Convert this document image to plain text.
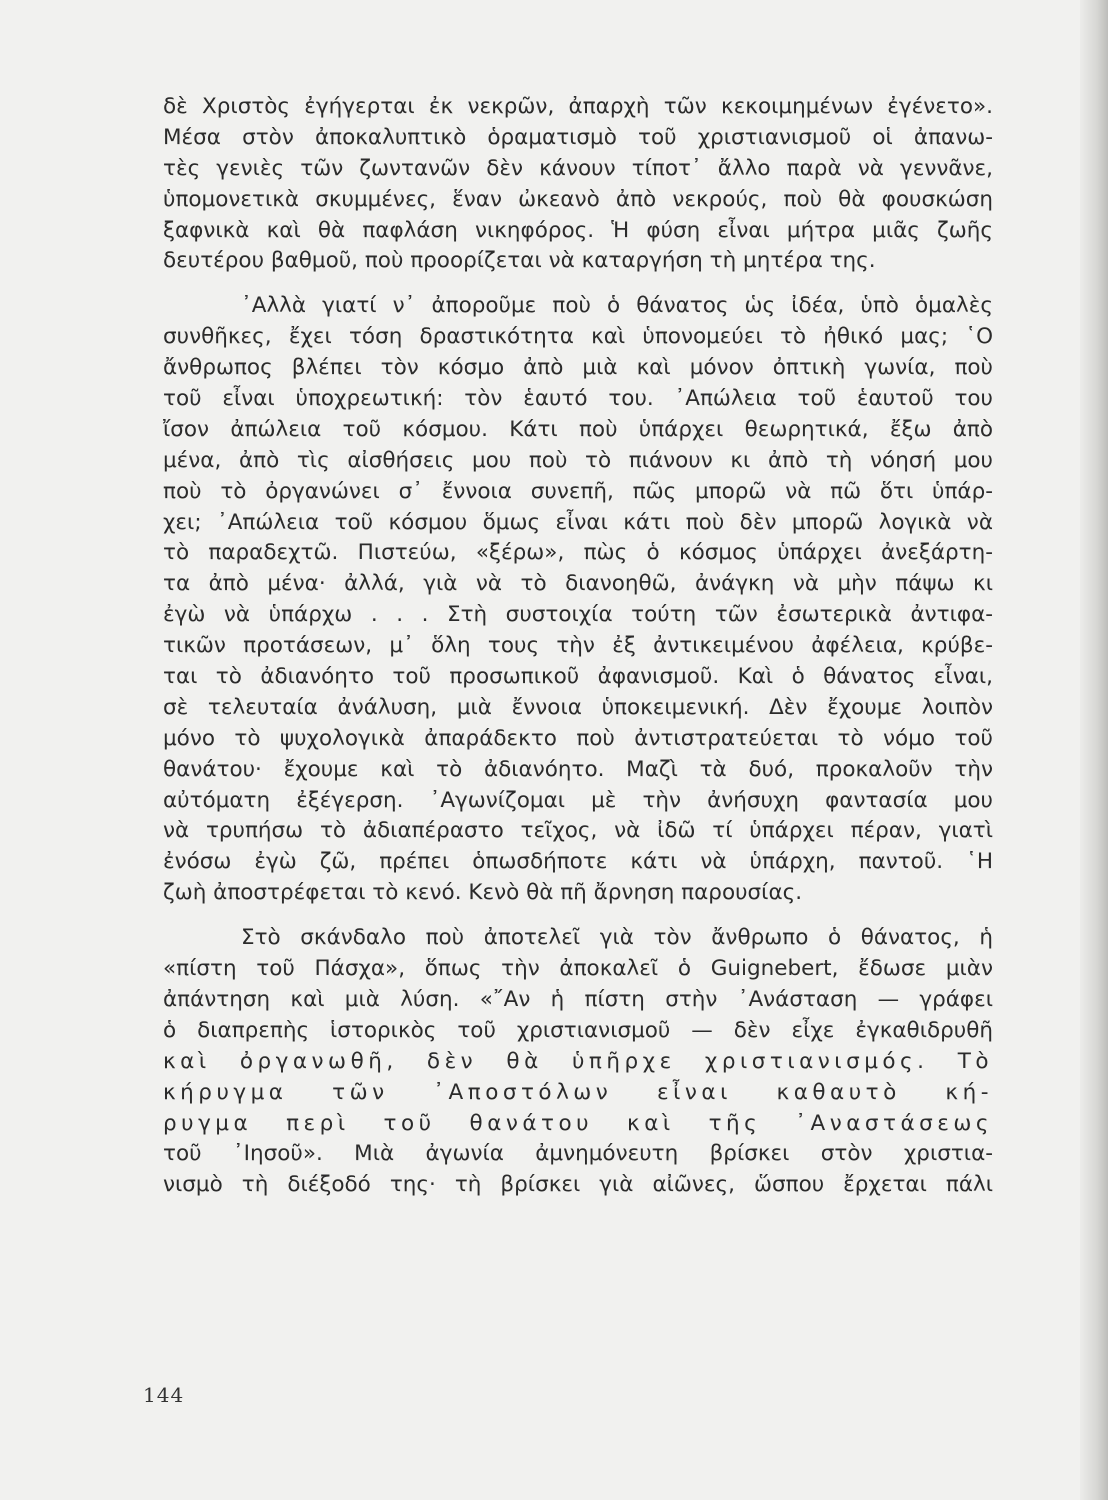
δὲ Χριστὸς ἐγήγερται ἐκ νεκρῶν, ἀπαρχὴ τῶν κεκοιμημένων ἐγένετο».
Μέσα στὸν ἀποκαλυπτικὸ ὁραματισμὸ τοῦ χριστιανισμοῦ οἱ ἀπανω-
τὲς γενιὲς τῶν ζωντανῶν δὲν κάνουν τίποτ᾿ ἄλλο παρὰ νὰ γεννᾶνε,
ὑπομονετικὰ σκυμμένες, ἕναν ὠκεανὸ ἀπὸ νεκρούς, ποὺ θὰ φουσκώση
ξαφνικὰ καὶ θὰ παφλάση νικηφόρος. Ἡ φύση εἶναι μήτρα μιᾶς ζωῆς
δευτέρου βαθμοῦ, ποὺ προορίζεται νὰ καταργήση τὴ μητέρα της.
᾿Αλλὰ γιατί ν᾿ ἀποροῦμε ποὺ ὁ θάνατος ὡς ἰδέα, ὑπὸ ὁμαλὲς
συνθῆκες, ἔχει τόση δραστικότητα καὶ ὑπονομεύει τὸ ἠθικό μας; ῾Ο
ἄνθρωπος βλέπει τὸν κόσμο ἀπὸ μιὰ καὶ μόνον ὀπτικὴ γωνία, ποὺ
τοῦ εἶναι ὑποχρεωτική: τὸν ἑαυτό του. ᾿Απώλεια τοῦ ἑαυτοῦ του
ἴσον ἀπώλεια τοῦ κόσμου. Κάτι ποὺ ὑπάρχει θεωρητικά, ἔξω ἀπὸ
μένα, ἀπὸ τὶς αἰσθήσεις μου ποὺ τὸ πιάνουν κι ἀπὸ τὴ νόησή μου
ποὺ τὸ ὀργανώνει σ᾿ ἔννοια συνεπῆ, πῶς μπορῶ νὰ πῶ ὅτι ὑπάρ-
χει; ᾿Απώλεια τοῦ κόσμου ὅμως εἶναι κάτι ποὺ δὲν μπορῶ λογικὰ νὰ
τὸ παραδεχτῶ. Πιστεύω, «ξέρω», πὼς ὁ κόσμος ὑπάρχει ἀνεξάρτη-
τα ἀπὸ μένα· ἀλλά, γιὰ νὰ τὸ διανοηθῶ, ἀνάγκη νὰ μὴν πάψω κι
ἐγὼ νὰ ὑπάρχω . . . Στὴ συστοιχία τούτη τῶν ἐσωτερικὰ ἀντιφα-
τικῶν προτάσεων, μ᾿ ὅλη τους τὴν ἐξ ἀντικειμένου ἀφέλεια, κρύβε-
ται τὸ ἀδιανόητο τοῦ προσωπικοῦ ἀφανισμοῦ. Καὶ ὁ θάνατος εἶναι,
σὲ τελευταία ἀνάλυση, μιὰ ἔννοια ὑποκειμενική. Δὲν ἔχουμε λοιπὸν
μόνο τὸ ψυχολογικὰ ἀπαράδεκτο ποὺ ἀντιστρατεύεται τὸ νόμο τοῦ
θανάτου· ἔχουμε καὶ τὸ ἀδιανόητο. Μαζὶ τὰ δυό, προκαλοῦν τὴν
αὐτόματη ἐξέγερση. ᾿Αγωνίζομαι μὲ τὴν ἀνήσυχη φαντασία μου
νὰ τρυπήσω τὸ ἀδιαπέραστο τεῖχος, νὰ ἰδῶ τί ὑπάρχει πέραν, γιατὶ
ἐνόσω ἐγὼ ζῶ, πρέπει ὁπωσδήποτε κάτι νὰ ὑπάρχη, παντοῦ. ῾Η
ζωὴ ἀποστρέφεται τὸ κενό. Κενὸ θὰ πῆ ἄρνηση παρουσίας.
Στὸ σκάνδαλο ποὺ ἀποτελεῖ γιὰ τὸν ἄνθρωπο ὁ θάνατος, ἡ
«πίστη τοῦ Πάσχα», ὅπως τὴν ἀποκαλεῖ ὁ Guignebert, ἔδωσε μιὰν
ἀπάντηση καὶ μιὰ λύση. «῎Αν ἡ πίστη στὴν ᾿Ανάσταση — γράφει
ὁ διαπρεπὴς ἱστορικὸς τοῦ χριστιανισμοῦ — δὲν εἶχε ἐγκαθιδρυθῆ
καὶ ὀργανωθῆ, δὲν θὰ ὑπῆρχε χριστιανισμός. Τὸ
κήρυγμα τῶν ᾿Αποστόλων εἶναι καθαυτὸ κή-
ρυγμα περὶ τοῦ θανάτου καὶ τῆς ᾿Αναστάσεως
τοῦ ᾿Ιησοῦ». Μιὰ ἀγωνία ἀμνημόνευτη βρίσκει στὸν χριστια-
νισμὸ τὴ διέξοδό της· τὴ βρίσκει γιὰ αἰῶνες, ὥσπου ἔρχεται πάλι
144
